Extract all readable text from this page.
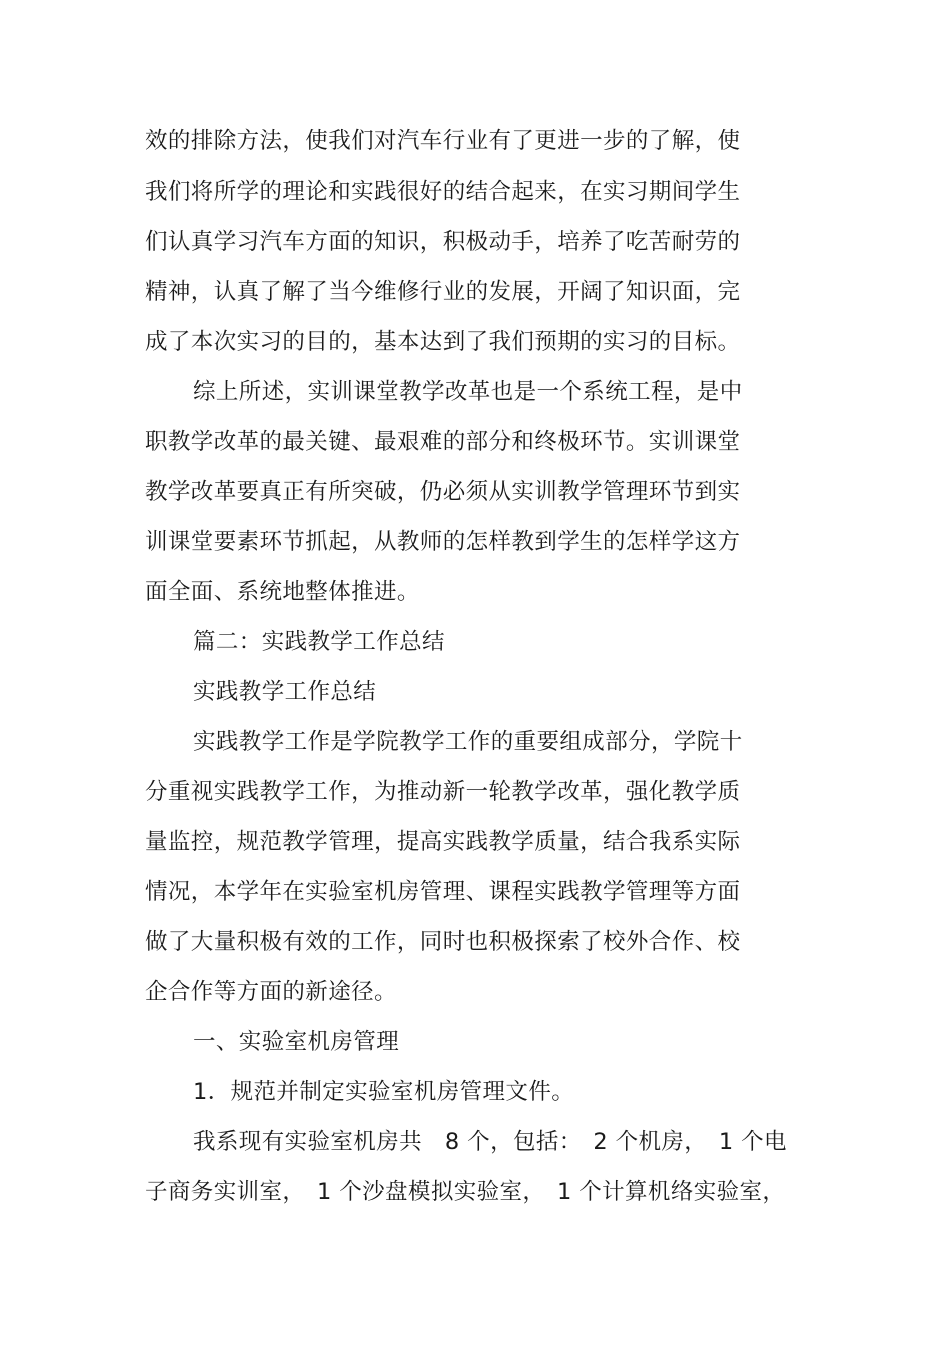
效的排除方法，使我们对汽车行业有了更进一步的了解，使
我们将所学的理论和实践很好的结合起来，在实习期间学生
们认真学习汽车方面的知识，积极动手，培养了吃苦耐劳的
精神，认真了解了当今维修行业的发展，开阔了知识面，完
成了本次实习的目的，基本达到了我们预期的实习的目标。
综上所述，实训课堂教学改革也是一个系统工程，是中
职教学改革的最关键、最艰难的部分和终极环节。实训课堂
教学改革要真正有所突破，仍必须从实训教学管理环节到实
训课堂要素环节抓起，从教师的怎样教到学生的怎样学这方
面全面、系统地整体推进。
篇二：实践教学工作总结
实践教学工作总结
实践教学工作是学院教学工作的重要组成部分，学院十
分重视实践教学工作，为推动新一轮教学改革，强化教学质
量监控，规范教学管理，提高实践教学质量，结合我系实际
情况，本学年在实验室机房管理、课程实践教学管理等方面
做了大量积极有效的工作，同时也积极探索了校外合作、校
企合作等方面的新途径。
一、实验室机房管理
1．规范并制定实验室机房管理文件。
我系现有实验室机房共　8 个，包括：　2 个机房，　1 个电
子商务实训室，　1 个沙盘模拟实验室，　1 个计算机络实验室，
